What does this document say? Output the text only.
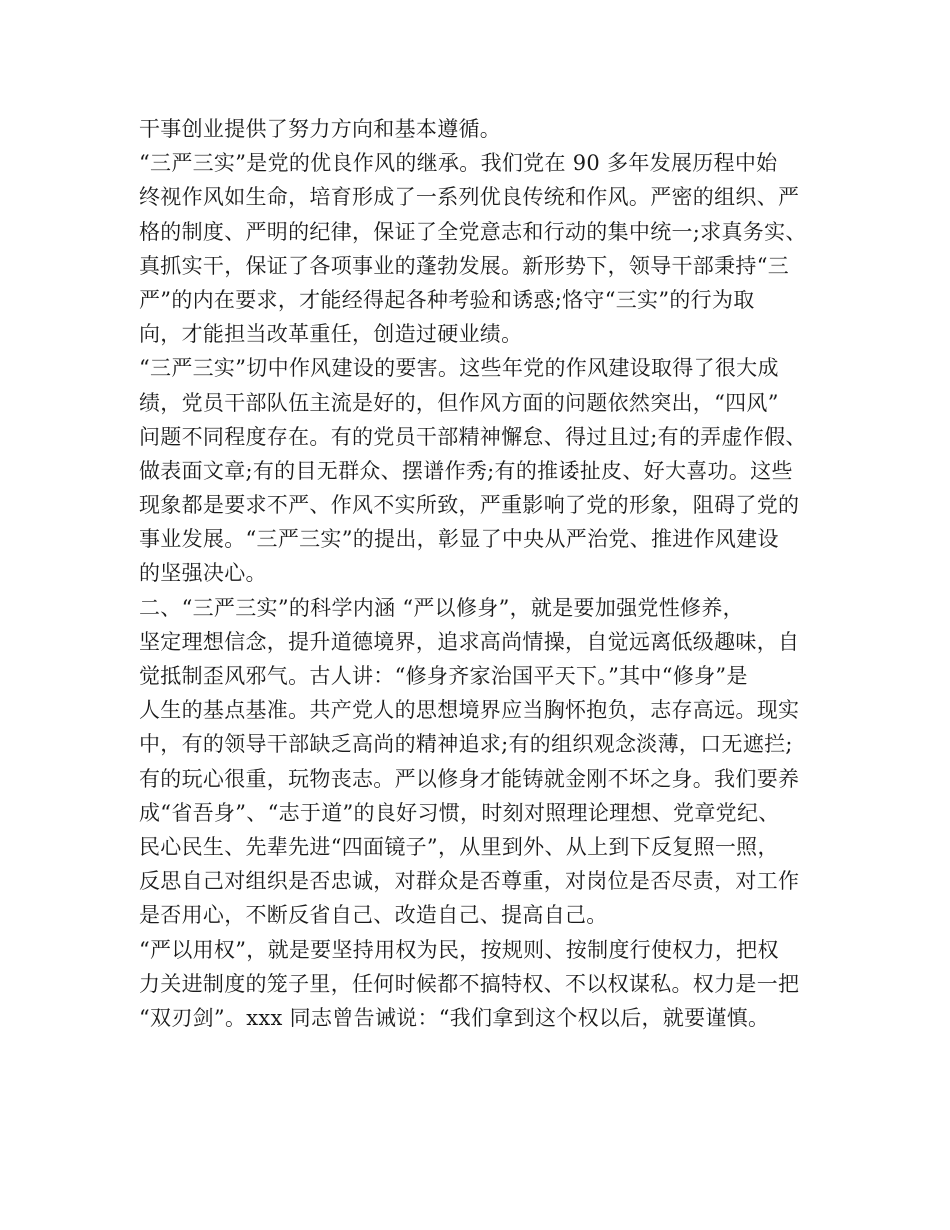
干事创业提供了努力方向和基本遵循。
“三严三实”是党的优良作风的继承。我们党在 90 多年发展历程中始
终视作风如生命，培育形成了一系列优良传统和作风。严密的组织、严
格的制度、严明的纪律，保证了全党意志和行动的集中统一;求真务实、
真抓实干，保证了各项事业的蓬勃发展。新形势下，领导干部秉持“三
严”的内在要求，才能经得起各种考验和诱惑;恪守“三实”的行为取
向，才能担当改革重任，创造过硬业绩。
“三严三实”切中作风建设的要害。这些年党的作风建设取得了很大成
绩，党员干部队伍主流是好的，但作风方面的问题依然突出，“四风”
问题不同程度存在。有的党员干部精神懈怠、得过且过;有的弄虚作假、
做表面文章;有的目无群众、摆谱作秀;有的推诿扯皮、好大喜功。这些
现象都是要求不严、作风不实所致，严重影响了党的形象，阻碍了党的
事业发展。“三严三实”的提出，彰显了中央从严治党、推进作风建设
的坚强决心。
二、“三严三实”的科学内涵 “严以修身”，就是要加强党性修养，
坚定理想信念，提升道德境界，追求高尚情操，自觉远离低级趣味，自
觉抵制歪风邪气。古人讲：“修身齐家治国平天下。”其中“修身”是
人生的基点基准。共产党人的思想境界应当胸怀抱负，志存高远。现实
中，有的领导干部缺乏高尚的精神追求;有的组织观念淡薄，口无遮拦;
有的玩心很重，玩物丧志。严以修身才能铸就金刚不坏之身。我们要养
成“省吾身”、“志于道”的良好习惯，时刻对照理论理想、党章党纪、
民心民生、先辈先进“四面镜子”，从里到外、从上到下反复照一照，
反思自己对组织是否忠诚，对群众是否尊重，对岗位是否尽责，对工作
是否用心，不断反省自己、改造自己、提高自己。
“严以用权”，就是要坚持用权为民，按规则、按制度行使权力，把权
力关进制度的笼子里，任何时候都不搞特权、不以权谋私。权力是一把
“双刃剑”。xxx 同志曾告诫说：“我们拿到这个权以后，就要谨慎。
